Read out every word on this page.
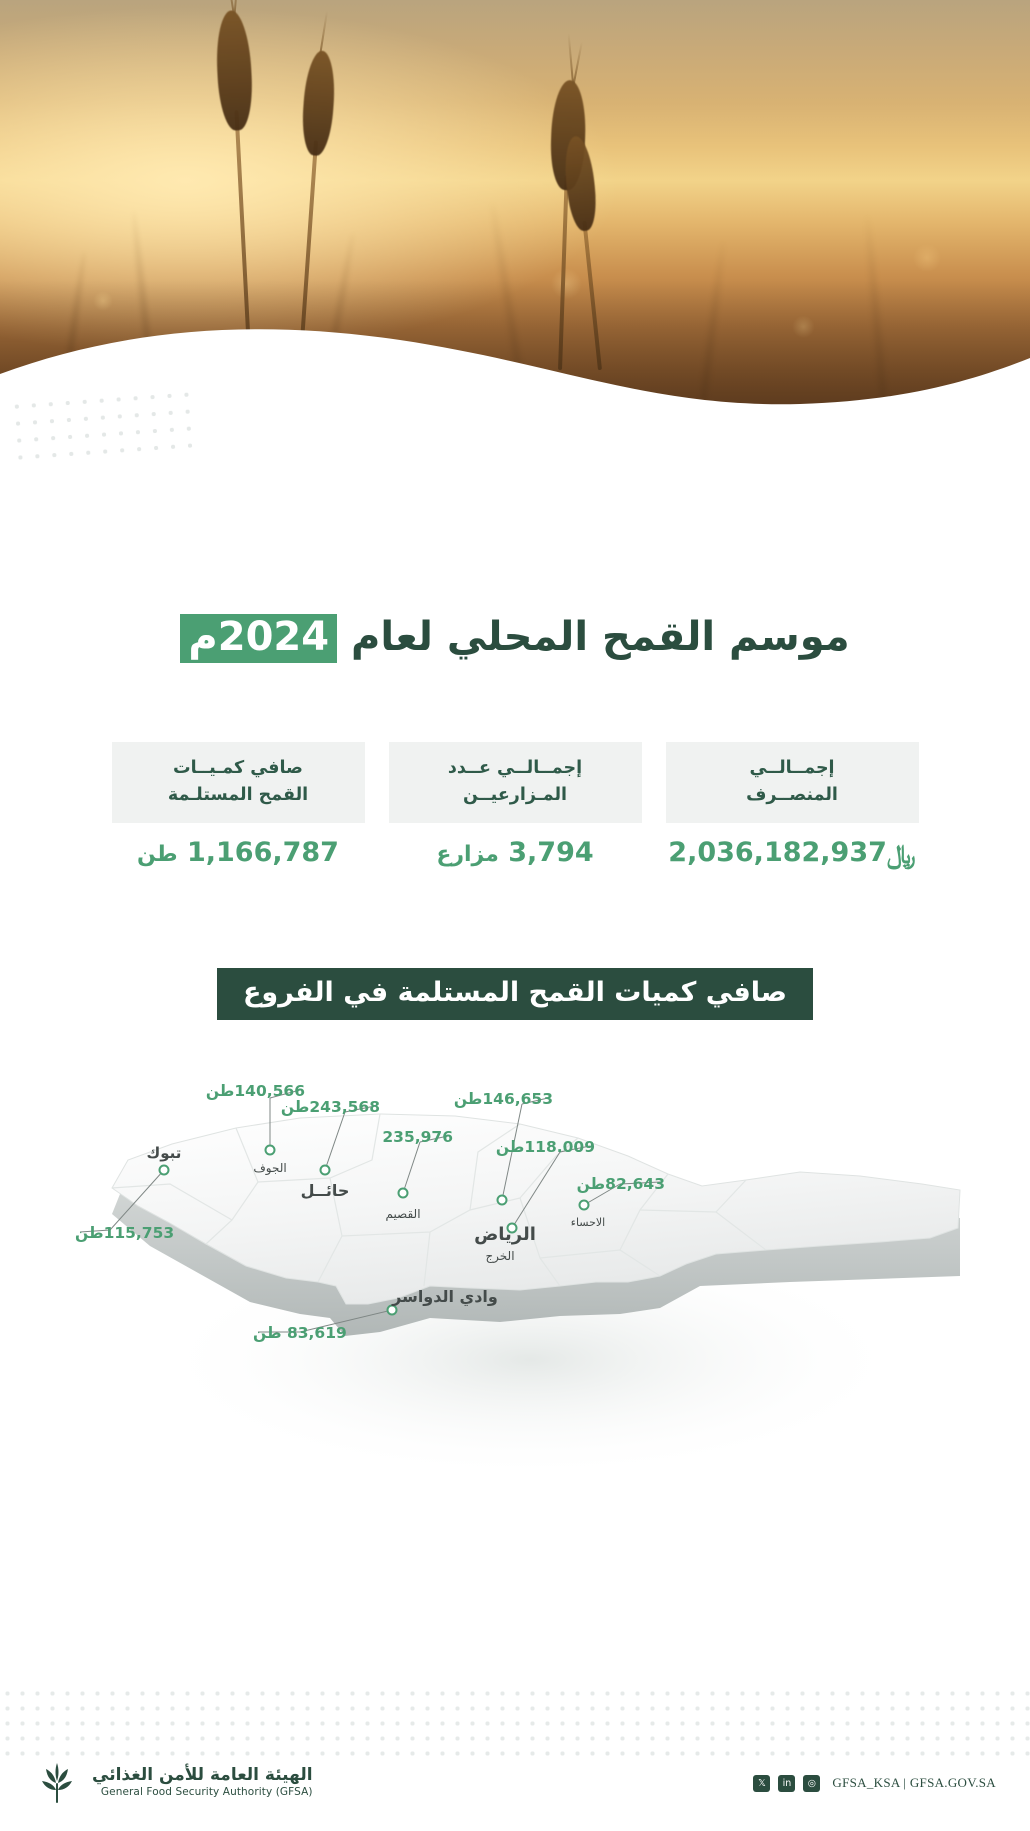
موسم القمح المحلي لعام 2024م
إجمــالــي
المنصــرف
﷼2,036,182,937
إجمــالــي عــدد
المـزارعيــن
3,794 مزارع
صافي كمـيــات
القمح المستلـمة
1,166,787 طن
صافي كميات القمح المستلمة في الفروع
140,566طن
243,568طن
235,976
146,653طن
118.009طن
82,643طن
115,753طن
83,619 طن
الجوف
حائــل
القصيم
الرياض
الخرج
الاحساء
تبوك
وادي الدواسر
الهيئة العامة للأمن الغذائي
General Food Security Authority (GFSA)
𝕏	in	◎	GFSA_KSA | GFSA.GOV.SA
